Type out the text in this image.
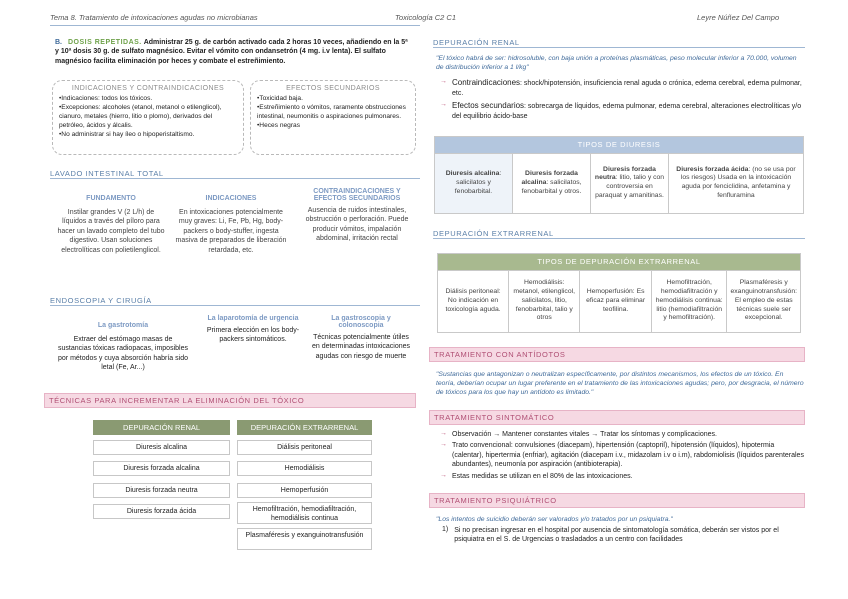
Tema 8. Tratamiento de intoxicaciones agudas no microbianas	Toxicología C2 C1	Leyre Núñez Del Campo

B. DOSIS REPETIDAS. Administrar 25 g. de carbón activado cada 2 horas 10 veces, añadiendo en la 5ª y 10ª dosis 30 g. de sulfato magnésico. Evitar el vómito con ondansetrón (4 mg. i.v lenta). El sulfato magnésico facilita eliminación por heces y combate el estreñimiento.

INDICACIONES Y CONTRAINDICACIONES

•Indicaciones: todos los tóxicos.

•Excepciones: alcoholes (etanol, metanol o etilenglicol), cianuro, metales (hierro, litio o plomo), derivados del petróleo, ácidos y álcalis.

•No administrar si hay íleo o hipoperistaltismo.

EFECTOS SECUNDARIOS

•Toxicidad baja.

•Estreñimiento o vómitos, raramente obstrucciones intestinal, neumonitis o aspiraciones pulmonares.

•Heces negras

LAVADO INTESTINAL TOTAL
FUNDAMENTO

Instilar grandes V (2 L/h) de líquidos a través del píloro para hacer un lavado completo del tubo digestivo. Usan soluciones electrolíticas con polietilenglicol.

INDICACIONES

En intoxicaciones potencialmente muy graves: Li, Fe, Pb, Hg, body-packers o body-stuffer, ingesta masiva de preparados de liberación retardada, etc.

CONTRAINDICACIONES Y EFECTOS SECUNDARIOS

Ausencia de ruidos intestinales, obstrucción o perforación. Puede producir vómitos, impalación abdominal, irritación rectal

ENDOSCOPIA Y CIRUGÍA
La gastrotomía

Extraer del estómago masas de sustancias tóxicas radiopacas, imposibles por métodos y cuya absorción habría sido letal (Fe, Ar...)

La laparotomía de urgencia

Primera elección en los body-packers sintomáticos.

La gastroscopia y colonoscopia

Técnicas potencialmente útiles en determinadas intoxicaciones agudas con riesgo de muerte

TÉCNICAS PARA INCREMENTAR LA ELIMINACIÓN DEL TÓXICO
DEPURACIÓN RENAL
Diuresis alcalina
Diuresis forzada alcalina
Diuresis forzada neutra
Diuresis forzada ácida
DEPURACIÓN EXTRARRENAL
Diálisis peritoneal
Hemodiálisis
Hemoperfusión
Hemofiltración, hemodiafiltración, hemodiálisis continua
Plasmaféresis y exanguinotransfusión
DEPURACIÓN RENAL

"El tóxico habrá de ser: hidrosoluble, con baja unión a proteínas plasmáticas, peso molecular inferior a 70.000, volumen de distribución inferior a 1 l/kg"

→ Contraindicaciones: shock/hipotensión, insuficiencia renal aguda o crónica, edema cerebral, edema pulmonar, etc.

→ Efectos secundarios: sobrecarga de líquidos, edema pulmonar, edema cerebral, alteraciones electrolíticas y/o del equilibrio ácido-base

TIPOS DE DIURESIS
Diuresis alcalina: salicilatos y fenobarbital.	Diuresis forzada alcalina: salicilatos, fenobarbital y otros.	Diuresis forzada neutra: litio, talio y con controversia en paraquat y amanitinas.	Diuresis forzada ácida: (no se usa por los riesgos) Usada en la intoxicación aguda por fenciclidina, anfetamina y fenfluramina
DEPURACIÓN EXTRARRENAL
TIPOS DE DEPURACIÓN EXTRARRENAL
Diálisis peritoneal: No indicación en toxicología aguda.	Hemodiálisis: metanol, etilenglicol, salicilatos, litio, fenobarbital, talio y otros	Hemoperfusión: Es eficaz para eliminar teofilina.	Hemofiltración, hemodiafiltración y hemodiálisis continua: litio (hemodiafiltración y hemofiltración).	Plasmaféresis y exanguinotransfusión: El empleo de estas técnicas suele ser excepcional.
TRATAMIENTO CON ANTÍDOTOS

"Sustancias que antagonizan o neutralizan específicamente, por distintos mecanismos, los efectos de un tóxico. En teoría, deberían ocupar un lugar preferente en el tratamiento de las intoxicaciones agudas; pero, por desgracia, el número de tóxicos para los que hay un antídoto es limitado."

TRATAMIENTO SINTOMÁTICO
→ Observación → Mantener constantes vitales → Tratar los síntomas y complicaciones.

→ Trato convencional: convulsiones (diacepam), hipertensión (captopril), hipotensión (líquidos), hipotermia (calentar), hipertermia (enfriar), agitación (diacepam i.v., midazolam i.v o i.m), rabdomiolisis (líquidos parenterales abundantes), neumonía por aspiración (antibioterapia).

→ Estas medidas se utilizan en el 80% de las intoxicaciones.

TRATAMIENTO PSIQUIÁTRICO

"Los intentos de suicidio deberán ser valorados y/o tratados por un psiquiatra."

1) Si no precisan ingresar en el hospital por ausencia de sintomatología somática, deberán ser vistos por el psiquiatra en el S. de Urgencias o trasladados a un centro con facilidades
